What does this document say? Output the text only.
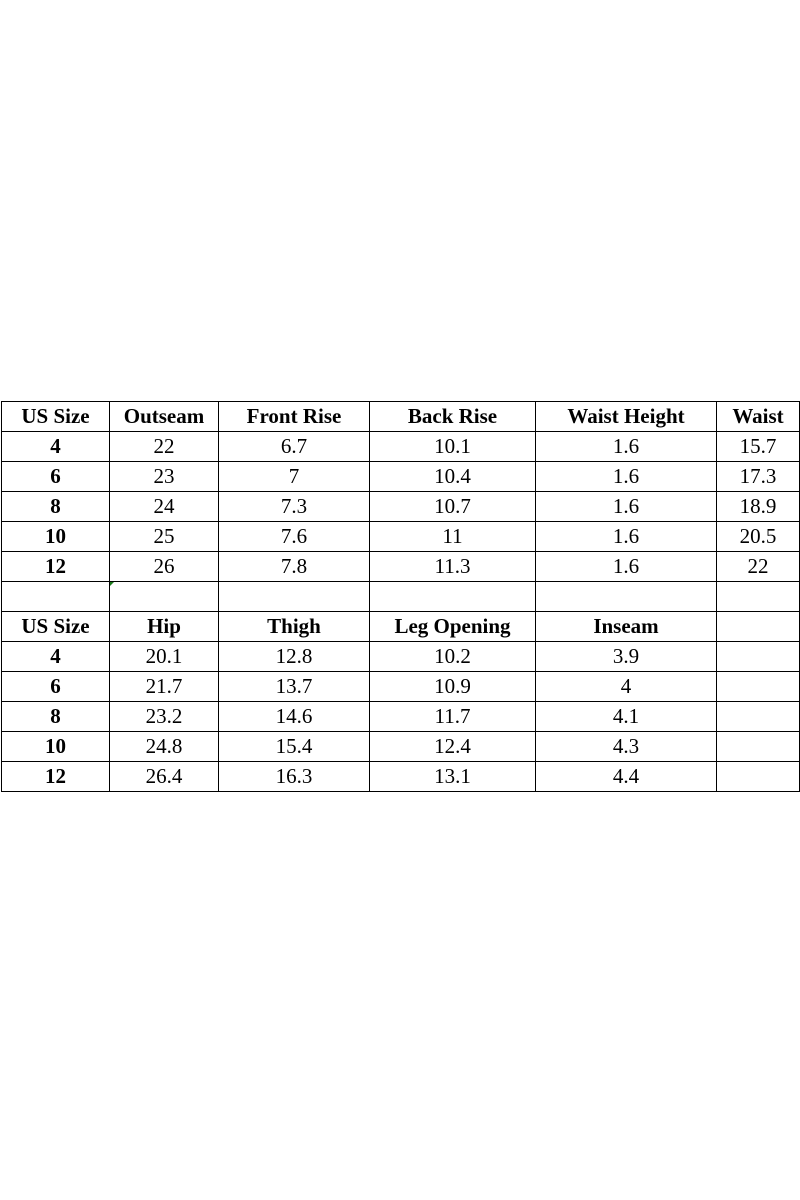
US Size	Outseam	Front Rise	Back Rise	Waist Height	Waist
4	22	6.7	10.1	1.6	15.7
6	23	7	10.4	1.6	17.3
8	24	7.3	10.7	1.6	18.9
10	25	7.6	11	1.6	20.5
12	26	7.8	11.3	1.6	22

US Size	Hip	Thigh	Leg Opening	Inseam	
4	20.1	12.8	10.2	3.9	
6	21.7	13.7	10.9	4	
8	23.2	14.6	11.7	4.1	
10	24.8	15.4	12.4	4.3	
12	26.4	16.3	13.1	4.4	
